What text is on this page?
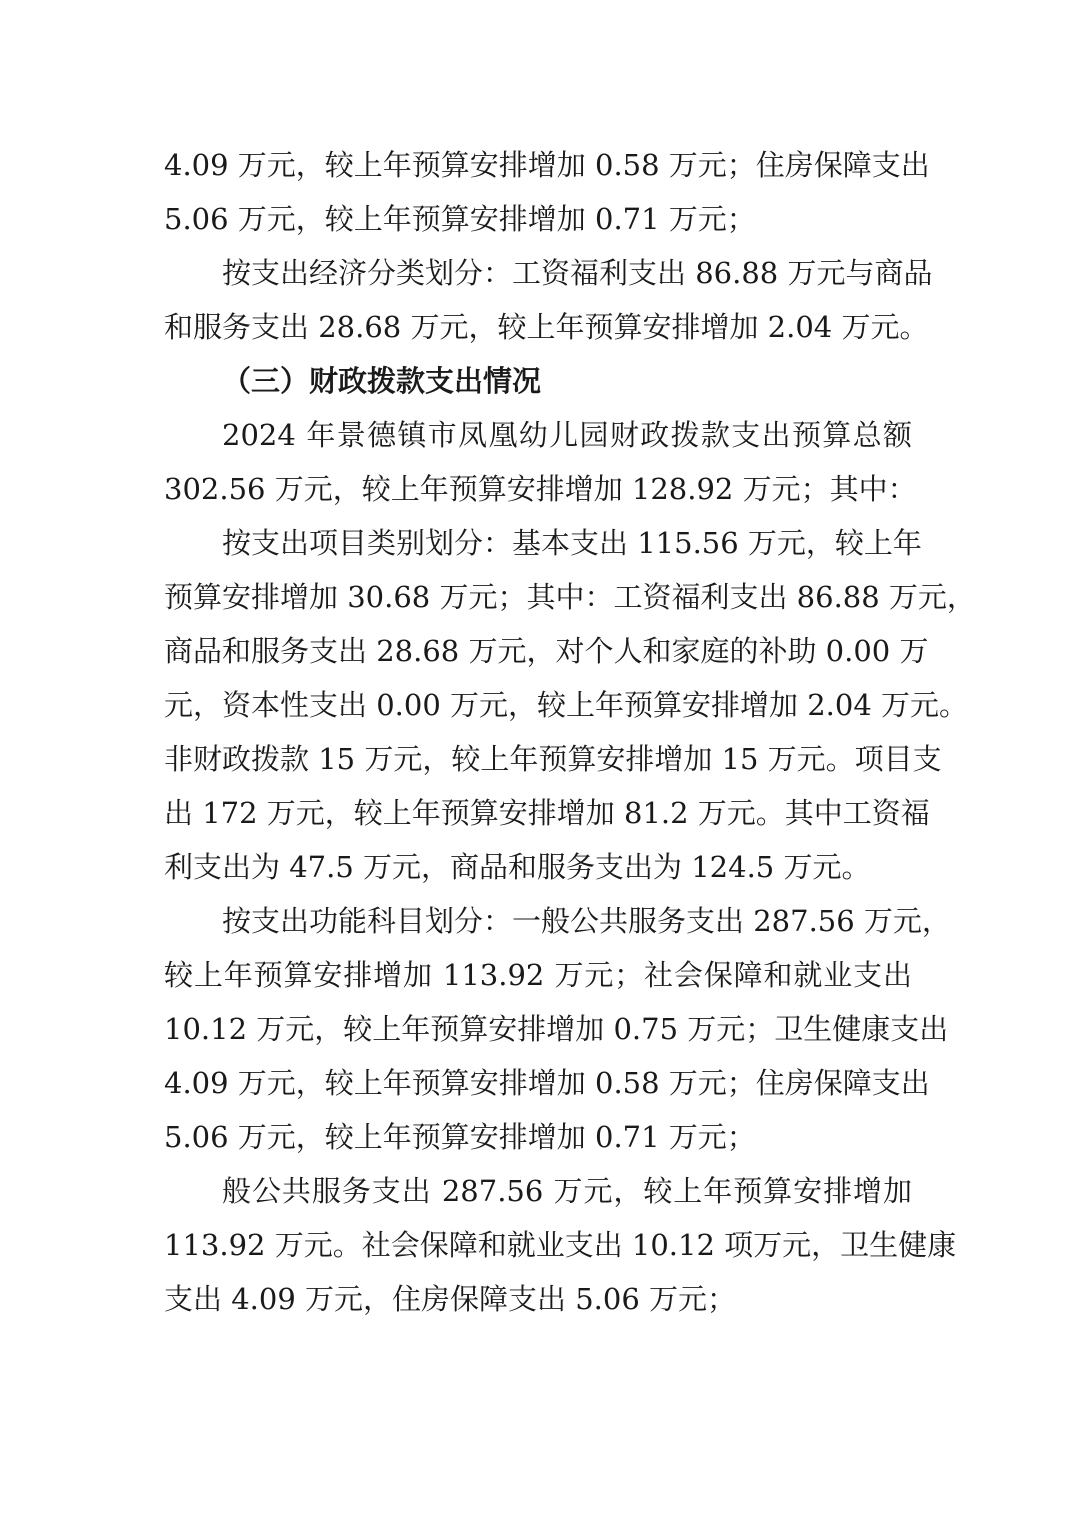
4.09 万元，较上年预算安排增加 0.58 万元；住房保障支出
5.06 万元，较上年预算安排增加 0.71 万元；

按支出经济分类划分：工资福利支出 86.88 万元与商品
和服务支出 28.68 万元，较上年预算安排增加 2.04 万元。

（三）财政拨款支出情况

2024 年景德镇市凤凰幼儿园财政拨款支出预算总额
302.56 万元，较上年预算安排增加 128.92 万元；其中：

按支出项目类别划分：基本支出 115.56 万元，较上年
预算安排增加 30.68 万元；其中：工资福利支出 86.88 万元，
商品和服务支出 28.68 万元，对个人和家庭的补助 0.00 万
元，资本性支出 0.00 万元，较上年预算安排增加 2.04 万元。
非财政拨款 15 万元，较上年预算安排增加 15 万元。项目支
出 172 万元，较上年预算安排增加 81.2 万元。其中工资福
利支出为 47.5 万元，商品和服务支出为 124.5 万元。

按支出功能科目划分：一般公共服务支出 287.56 万元，
较上年预算安排增加 113.92 万元；社会保障和就业支出
10.12 万元，较上年预算安排增加 0.75 万元；卫生健康支出
4.09 万元，较上年预算安排增加 0.58 万元；住房保障支出
5.06 万元，较上年预算安排增加 0.71 万元；

般公共服务支出 287.56 万元，较上年预算安排增加
113.92 万元。社会保障和就业支出 10.12 项万元，卫生健康
支出 4.09 万元，住房保障支出 5.06 万元；
